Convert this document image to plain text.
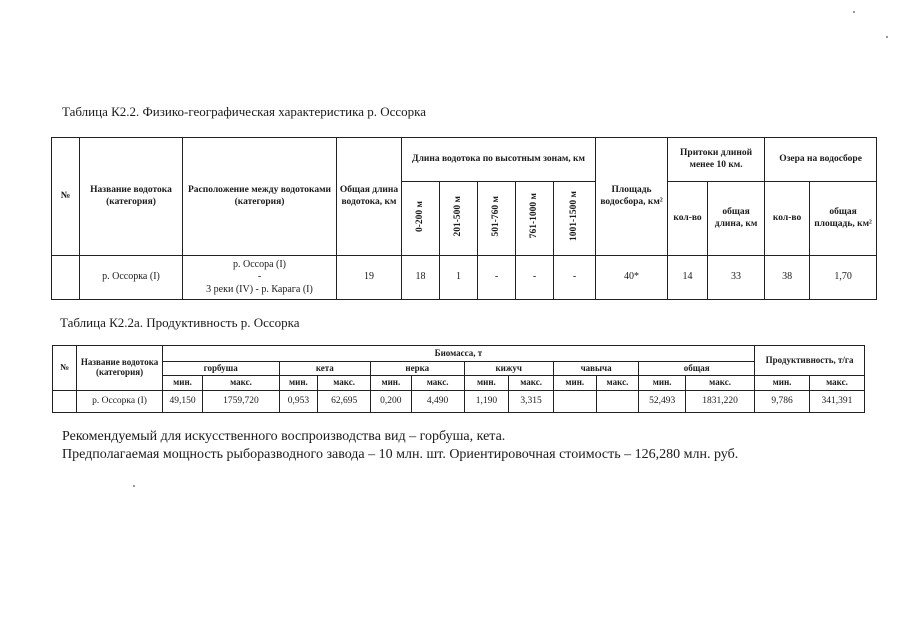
Таблица К2.2. Физико-географическая характеристика р. Оссорка
№	Название водотока (категория)	Расположение между водотоками (категория)	Общая длина водотока, км	Длина водотока по высотным зонам, км					Площадь водосбора, км²	Притоки длиной менее 10 км.		Озера на водосборе	
				0-200 м	201-500 м	501-760 м	761-1000 м	1001-1500 м		кол-во	общая длина, км	кол-во	общая площадь, км²
	р. Оссорка (I)	р. Оссора (I)
-
3 реки (IV) - р. Карага (I)	19	18	1	-	-	-	40*	14	33	38	1,70
Таблица К2.2а. Продуктивность р. Оссорка
№	Название водотока (категория)	Биомасса, т												Продуктивность, т/га	
		горбуша		кета		нерка		кижуч		чавыча		общая			
		мин.	макс.	мин.	макс.	мин.	макс.	мин.	макс.	мин.	макс.	мин.	макс.	мин.	макс.
	р. Оссорка (I)	49,150	1759,720	0,953	62,695	0,200	4,490	1,190	3,315			52,493	1831,220	9,786	341,391
Рекомендуемый для искусственного воспроизводства вид – горбуша, кета.
Предполагаемая мощность рыборазводного завода – 10 млн. шт. Ориентировочная стоимость – 126,280 млн. руб.
